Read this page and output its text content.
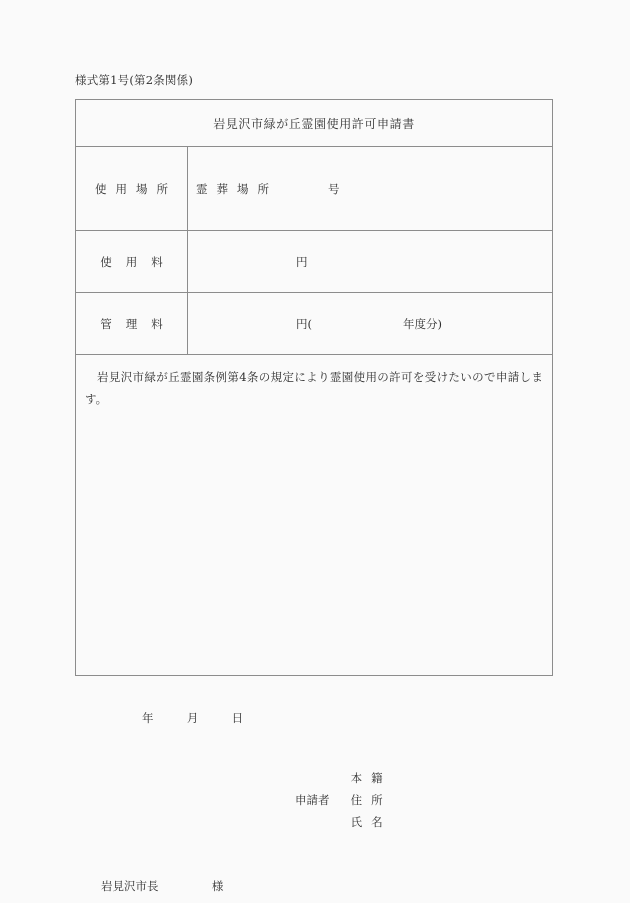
様式第1号(第2条関係)
岩見沢市緑が丘霊園使用許可申請書	
使用場所	霊葬場所 号

使用料	円

管理料	円( 年度分)

岩見沢市緑が丘霊園条例第4条の規定により霊園使用の許可を受けたいので申請します。
年	月	日
本籍
申請者 住所
氏名
岩見沢市長	様
